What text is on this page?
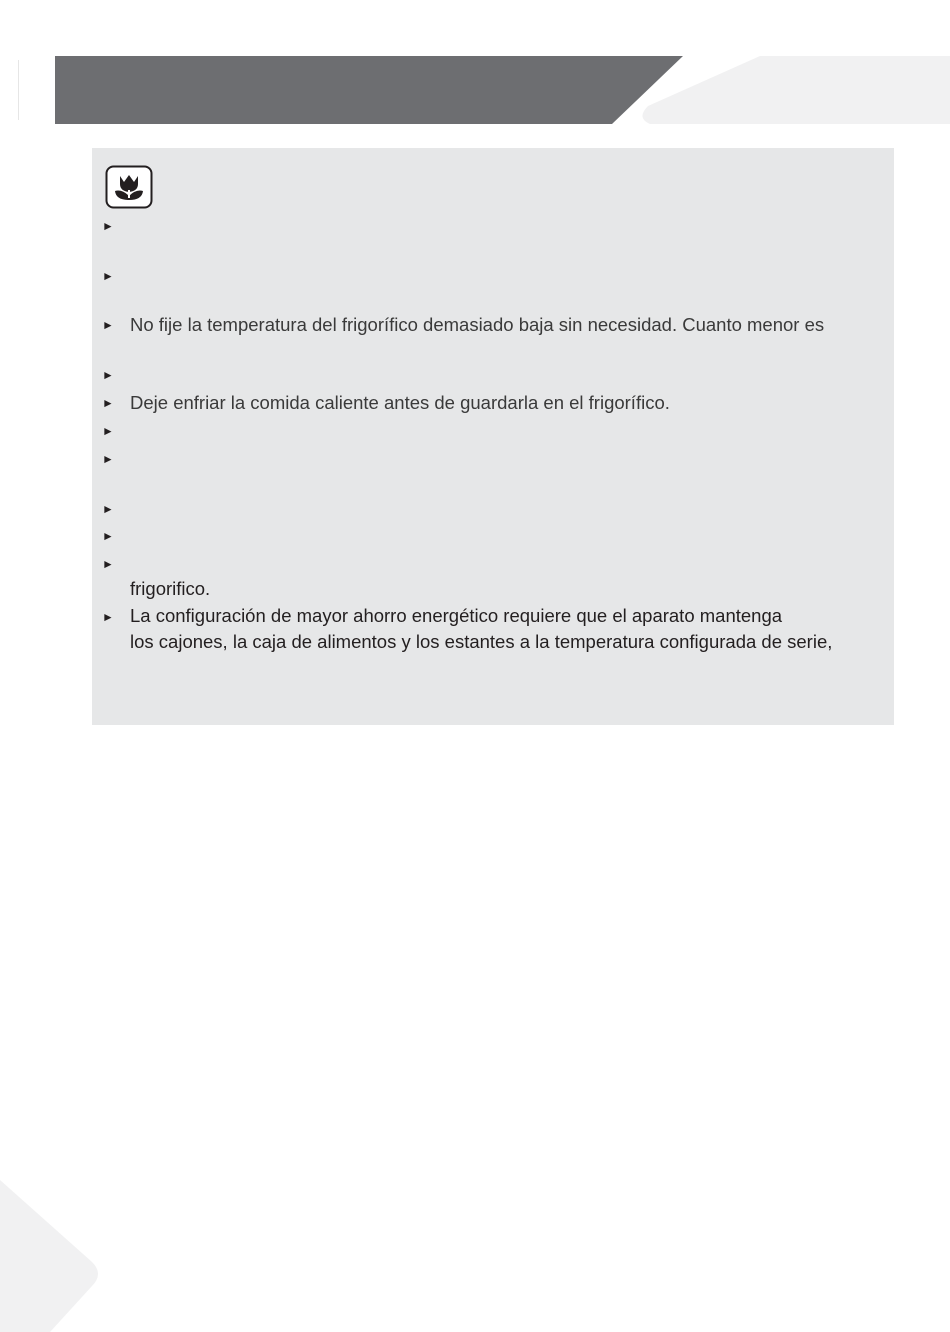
►
►
►
►
►
►
►
►
►
►
►
No fije la temperatura del frigorífico demasiado baja sin necesidad. Cuanto menor es
Deje enfriar la comida caliente antes de guardarla en el frigorífico.
frigorifico.
La configuración de mayor ahorro energético requiere que el aparato mantenga
los cajones, la caja de alimentos y los estantes a la temperatura configurada de serie,
